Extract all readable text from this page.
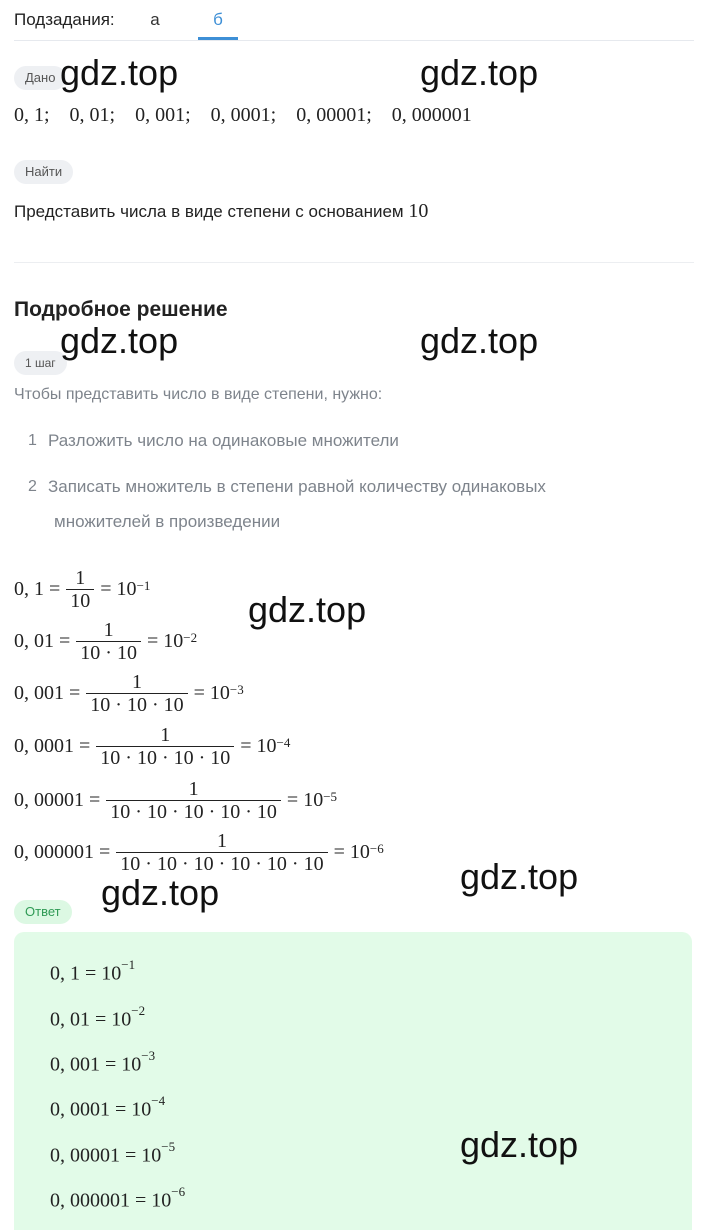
Подзадания:	а	б
Дано
0, 1;    0, 01;    0, 001;    0, 0001;    0, 00001;    0, 000001
Найти
Представить числа в виде степени с основанием 10
Подробное решение
1 шаг
Чтобы представить число в виде степени, нужно:
1 Разложить число на одинаковые множители
2 Записать множитель в степени равной количеству одинаковых
множителей в произведении
0, $1 = \frac{1}{10} = 10^{-1}$
0, $01 = \frac{1}{10 \cdot 10} = 10^{-2}$
0, $001 = \frac{1}{10 \cdot 10 \cdot 10} = 10^{-3}$
0, $0001 = \frac{1}{10 \cdot 10 \cdot 10 \cdot 10} = 10^{-4}$
0, $00001 = \frac{1}{10 \cdot 10 \cdot 10 \cdot 10 \cdot 10} = 10^{-5}$
0, $000001 = \frac{1}{10 \cdot 10 \cdot 10 \cdot 10 \cdot 10 \cdot 10} = 10^{-6}$
Ответ
0, $1 = 10^{-1}$
0, $01 = 10^{-2}$
0, $001 = 10^{-3}$
0, $0001 = 10^{-4}$
0, $00001 = 10^{-5}$
0, $000001 = 10^{-6}$
gdz.top	gdz.top
gdz.top	gdz.top
gdz.top
gdz.top
gdz.top
gdz.top
